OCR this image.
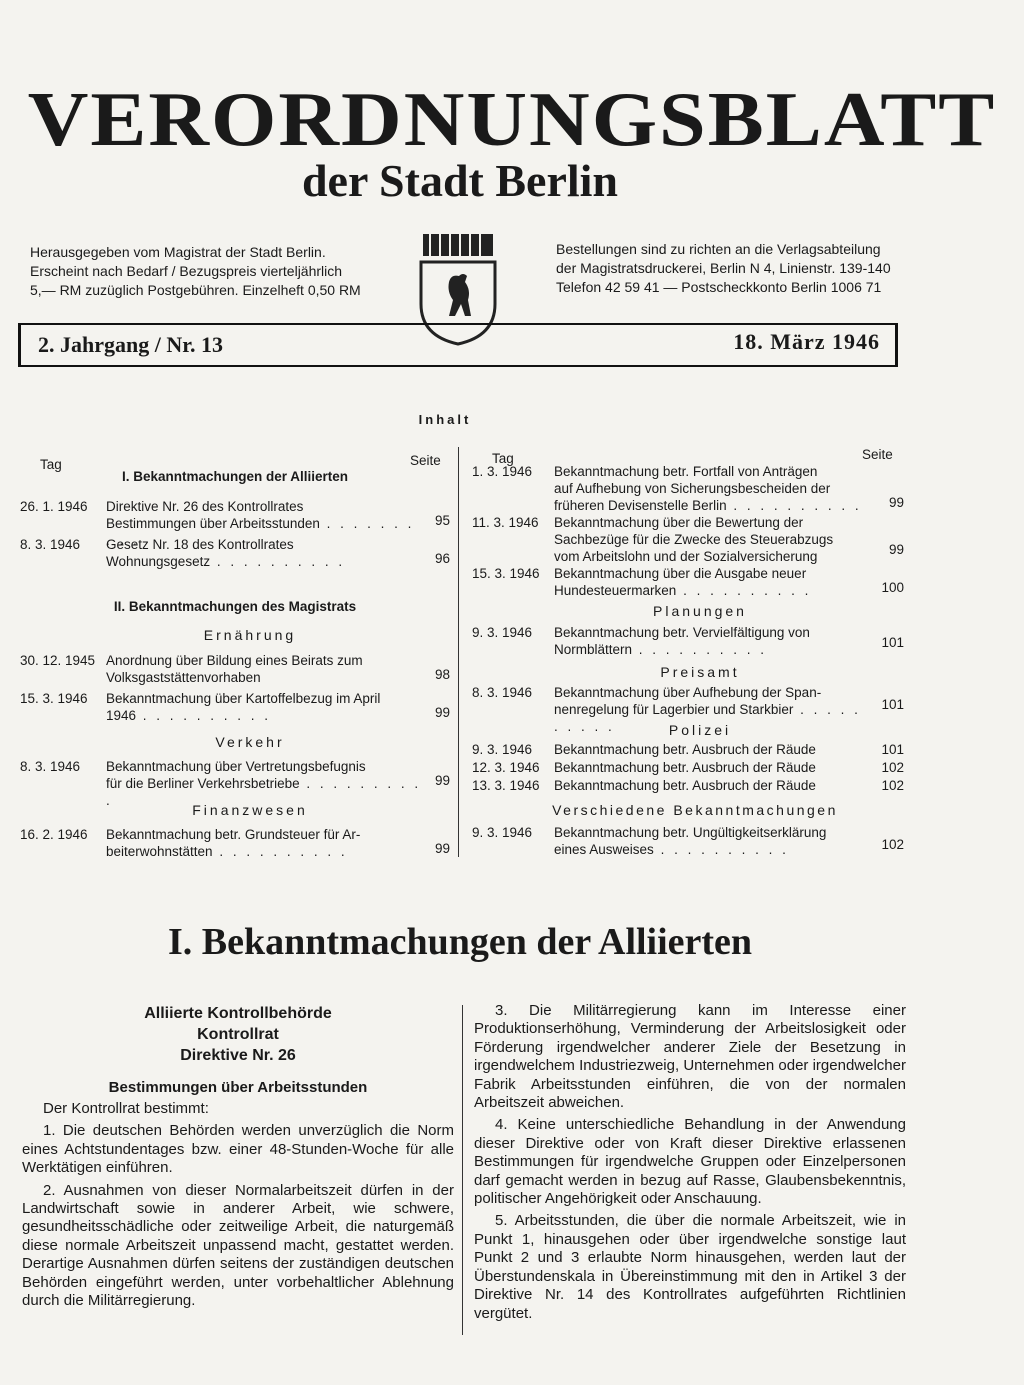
VERORDNUNGSBLATT
der Stadt Berlin
Herausgegeben vom Magistrat der Stadt Berlin.
Erscheint nach Bedarf / Bezugspreis vierteljährlich
5,— RM zuzüglich Postgebühren. Einzelheft 0,50 RM
Bestellungen sind zu richten an die Verlagsabteilung
der Magistratsdruckerei, Berlin N 4, Linienstr. 139-140
Telefon 42 59 41 — Postscheckkonto Berlin 1006 71
2. Jahrgang / Nr. 13	18. März 1946
Inhalt
Tag	Seite
I. Bekanntmachungen der Alliierten
26. 1. 1946	Direktive Nr. 26 des Kontrollrates
Bestimmungen über Arbeitsstunden . . .	95
8. 3. 1946	Gesetz Nr. 18 des Kontrollrates
Wohnungsgesetz . . .	96
II. Bekanntmachungen des Magistrats
Ernährung
30. 12. 1945 Anordnung über Bildung eines Beirats zum
Volksgaststättenvorhaben	98
15. 3. 1946	Bekanntmachung über Kartoffelbezug im April
1946 . . .	99
Verkehr
8. 3. 1946	Bekanntmachung über Vertretungsbefugnis
für die Berliner Verkehrsbetriebe . . .	99
Finanzwesen
16. 2. 1946	Bekanntmachung betr. Grundsteuer für Ar-
beiterwohnstätten . . .	99
Tag	Seite
1. 3. 1946	Bekanntmachung betr. Fortfall von Anträgen
auf Aufhebung von Sicherungsbescheiden der
früheren Devisenstelle Berlin . . .	99
11. 3. 1946	Bekanntmachung über die Bewertung der
Sachbezüge für die Zwecke des Steuerabzugs
vom Arbeitslohn und der Sozialversicherung	99
15. 3. 1946	Bekanntmachung über die Ausgabe neuer
Hundesteuermarken . . .	100
Planungen
9. 3. 1946	Bekanntmachung betr. Vervielfältigung von
Normblättern . . .	101
Preisamt
8. 3. 1946	Bekanntmachung über Aufhebung der Span-
nenregelung für Lagerbier und Starkbier . . .	101
Polizei
9. 3. 1946	Bekanntmachung betr. Ausbruch der Räude	101
12. 3. 1946	Bekanntmachung betr. Ausbruch der Räude	102
13. 3. 1946	Bekanntmachung betr. Ausbruch der Räude	102
Verschiedene Bekanntmachungen
9. 3. 1946	Bekanntmachung betr. Ungültigkeitserklärung
eines Ausweises . . .	102
I. Bekanntmachungen der Alliierten
Alliierte Kontrollbehörde
Kontrollrat
Direktive Nr. 26
Bestimmungen über Arbeitsstunden

Der Kontrollrat bestimmt:

1. Die deutschen Behörden werden unverzüglich die Norm eines Achtstundentages bzw. einer 48-Stunden-Woche für alle Werktätigen einführen.

2. Ausnahmen von dieser Normalarbeitszeit dürfen in der Landwirtschaft sowie in anderer Arbeit, wie schwere, gesundheitsschädliche oder zeitweilige Arbeit, die naturgemäß diese normale Arbeitszeit unpassend macht, gestattet werden. Derartige Ausnahmen dürfen seitens der zuständigen deutschen Behörden eingeführt werden, unter vorbehaltlicher Ablehnung durch die Militärregierung.

3. Die Militärregierung kann im Interesse einer Produktionserhöhung, Verminderung der Arbeitslosigkeit oder Förderung irgendwelcher anderer Ziele der Besetzung in irgendwelchem Industriezweig, Unternehmen oder irgendwelcher Fabrik Arbeitsstunden einführen, die von der normalen Arbeitszeit abweichen.

4. Keine unterschiedliche Behandlung in der Anwendung dieser Direktive oder von Kraft dieser Direktive erlassenen Bestimmungen für irgendwelche Gruppen oder Einzelpersonen darf gemacht werden in bezug auf Rasse, Glaubensbekenntnis, politischer Angehörigkeit oder Anschauung.

5. Arbeitsstunden, die über die normale Arbeitszeit, wie in Punkt 1, hinausgehen oder über irgendwelche sonstige laut Punkt 2 und 3 erlaubte Norm hinausgehen, werden laut der Überstundenskala in Übereinstimmung mit den in Artikel 3 der Direktive Nr. 14 des Kontrollrates aufgeführten Richtlinien vergütet.
